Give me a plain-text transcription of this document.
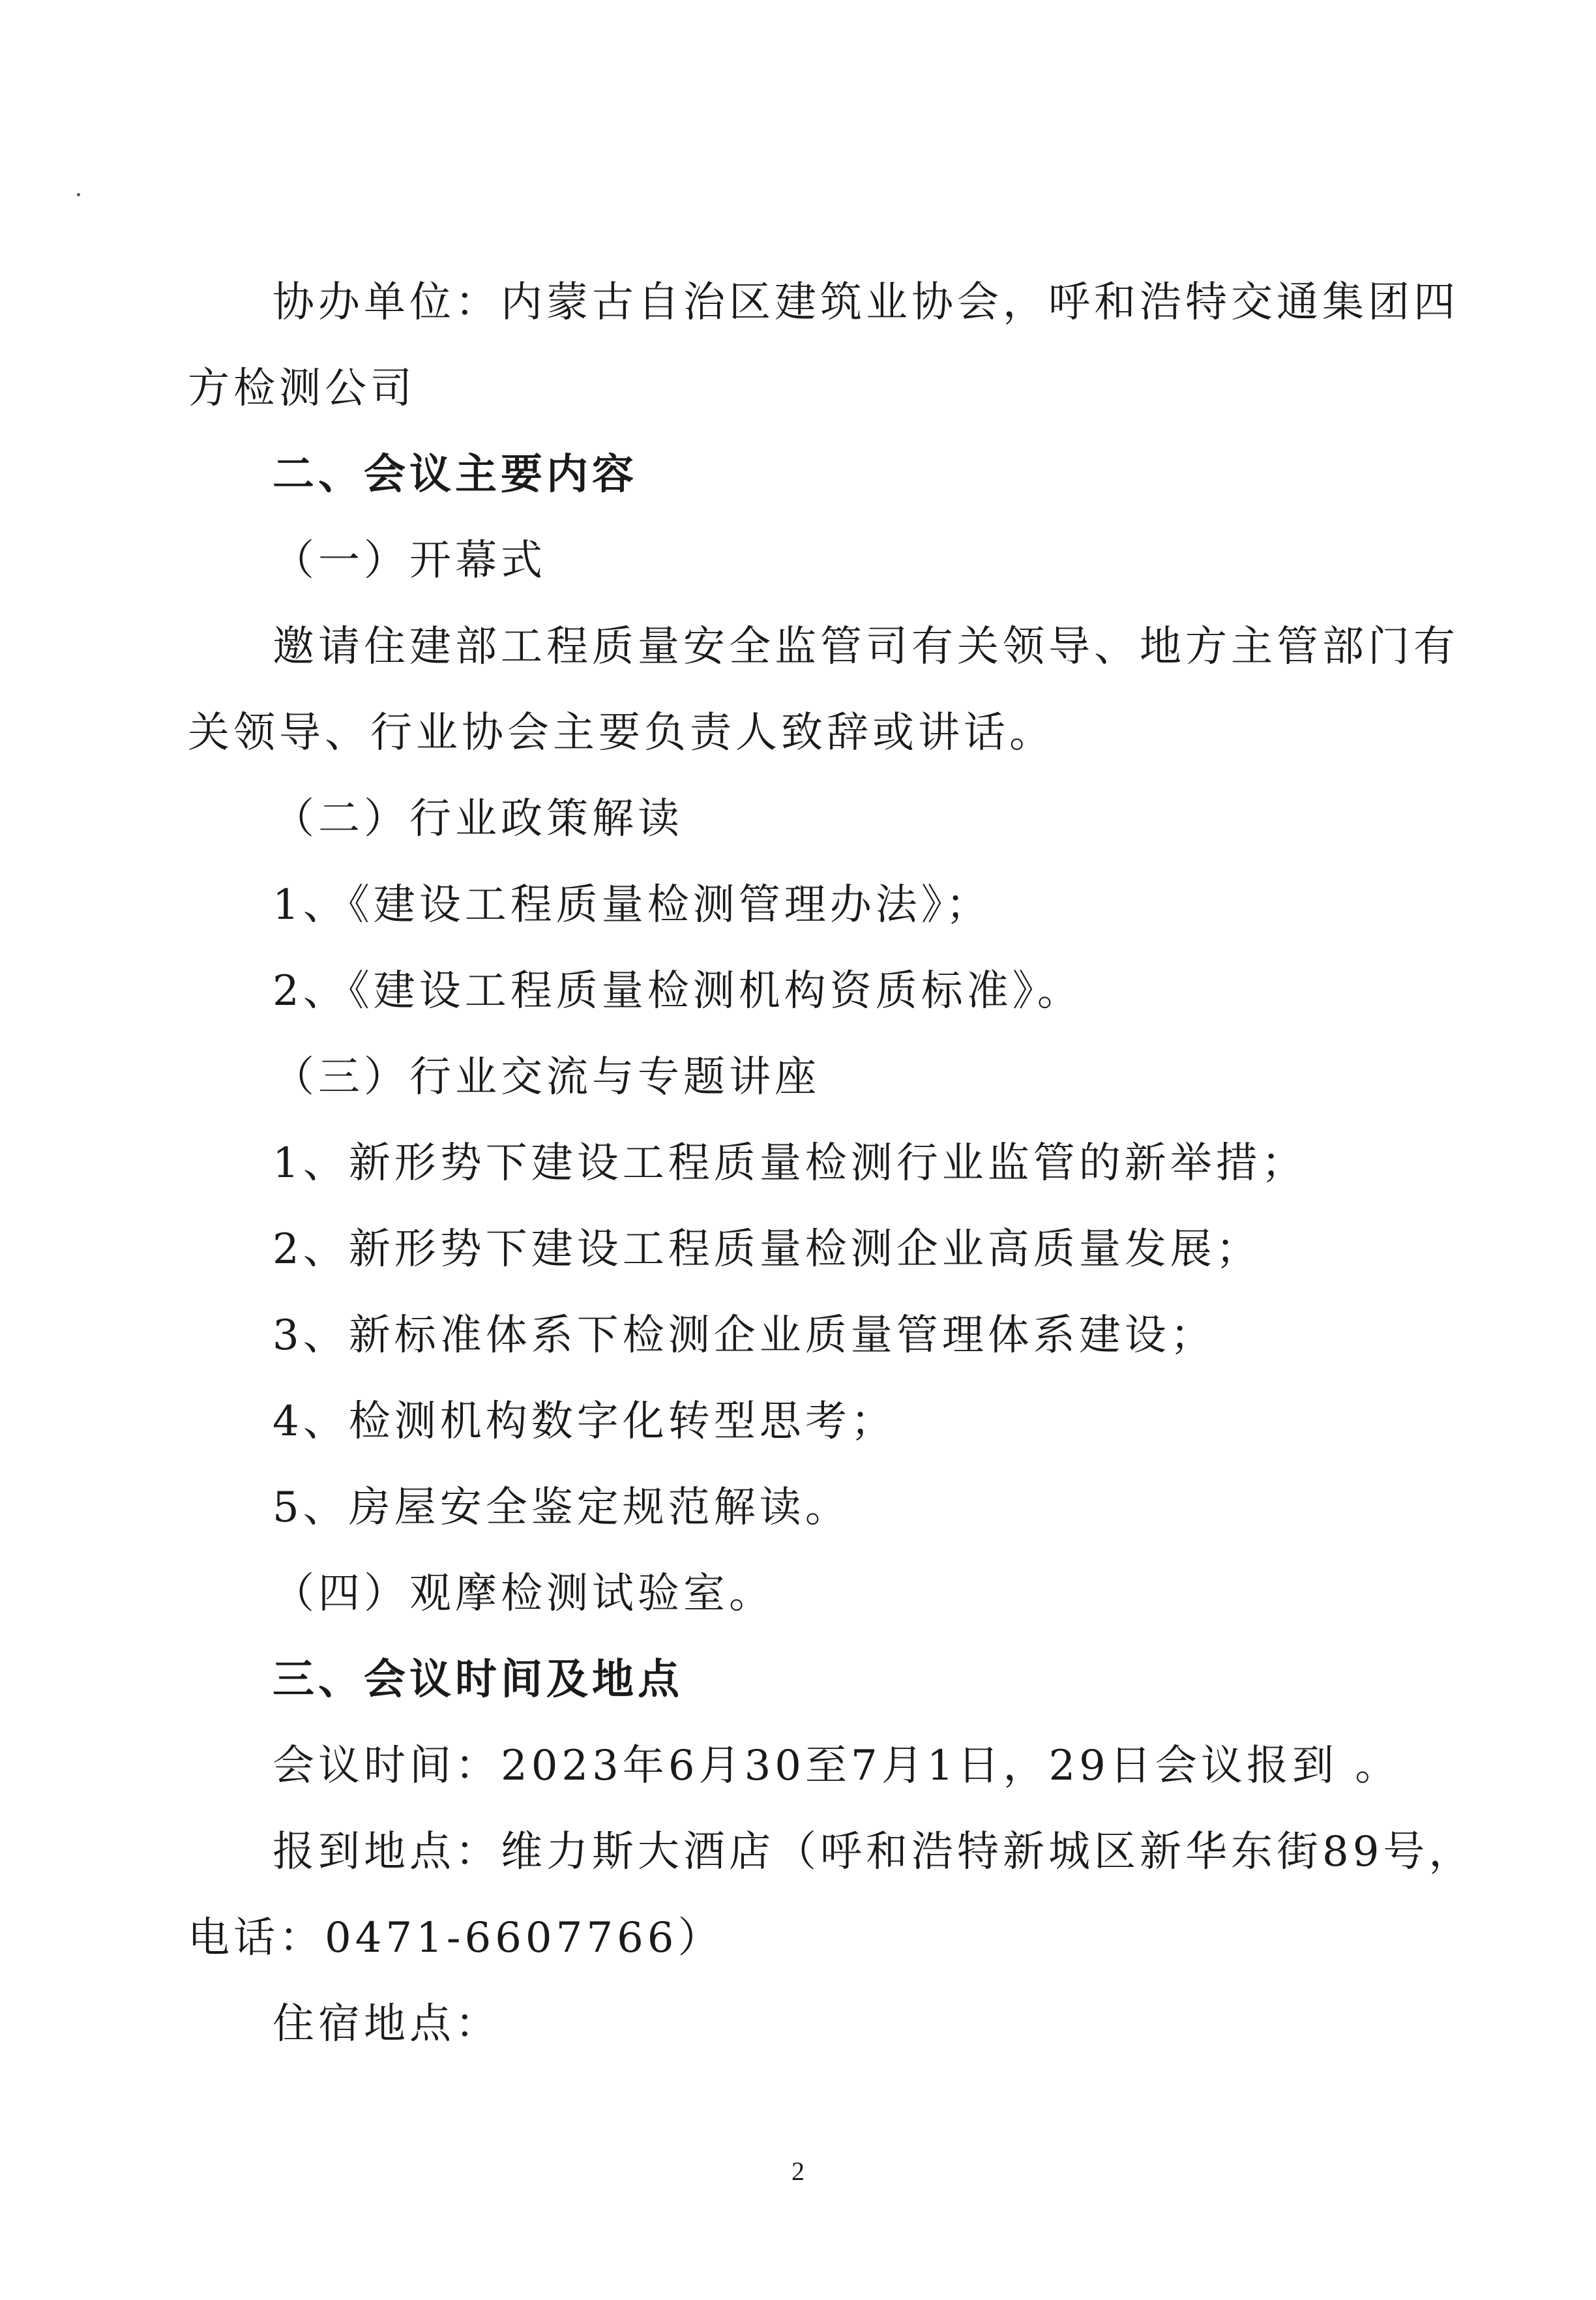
协办单位：内蒙古自治区建筑业协会，呼和浩特交通集团四
方检测公司
二、会议主要内容
（一）开幕式
邀请住建部工程质量安全监管司有关领导、地方主管部门有
关领导、行业协会主要负责人致辞或讲话。
（二）行业政策解读
1、《建设工程质量检测管理办法》；
2、《建设工程质量检测机构资质标准》。
（三）行业交流与专题讲座
1、新形势下建设工程质量检测行业监管的新举措；
2、新形势下建设工程质量检测企业高质量发展；
3、新标准体系下检测企业质量管理体系建设；
4、检测机构数字化转型思考；
5、房屋安全鉴定规范解读。
（四）观摩检测试验室。
三、会议时间及地点
会议时间：2023年6月30至7月1日，29日会议报到 。
报到地点：维力斯大酒店（呼和浩特新城区新华东街89号，
电话：0471-6607766）
住宿地点：
2
